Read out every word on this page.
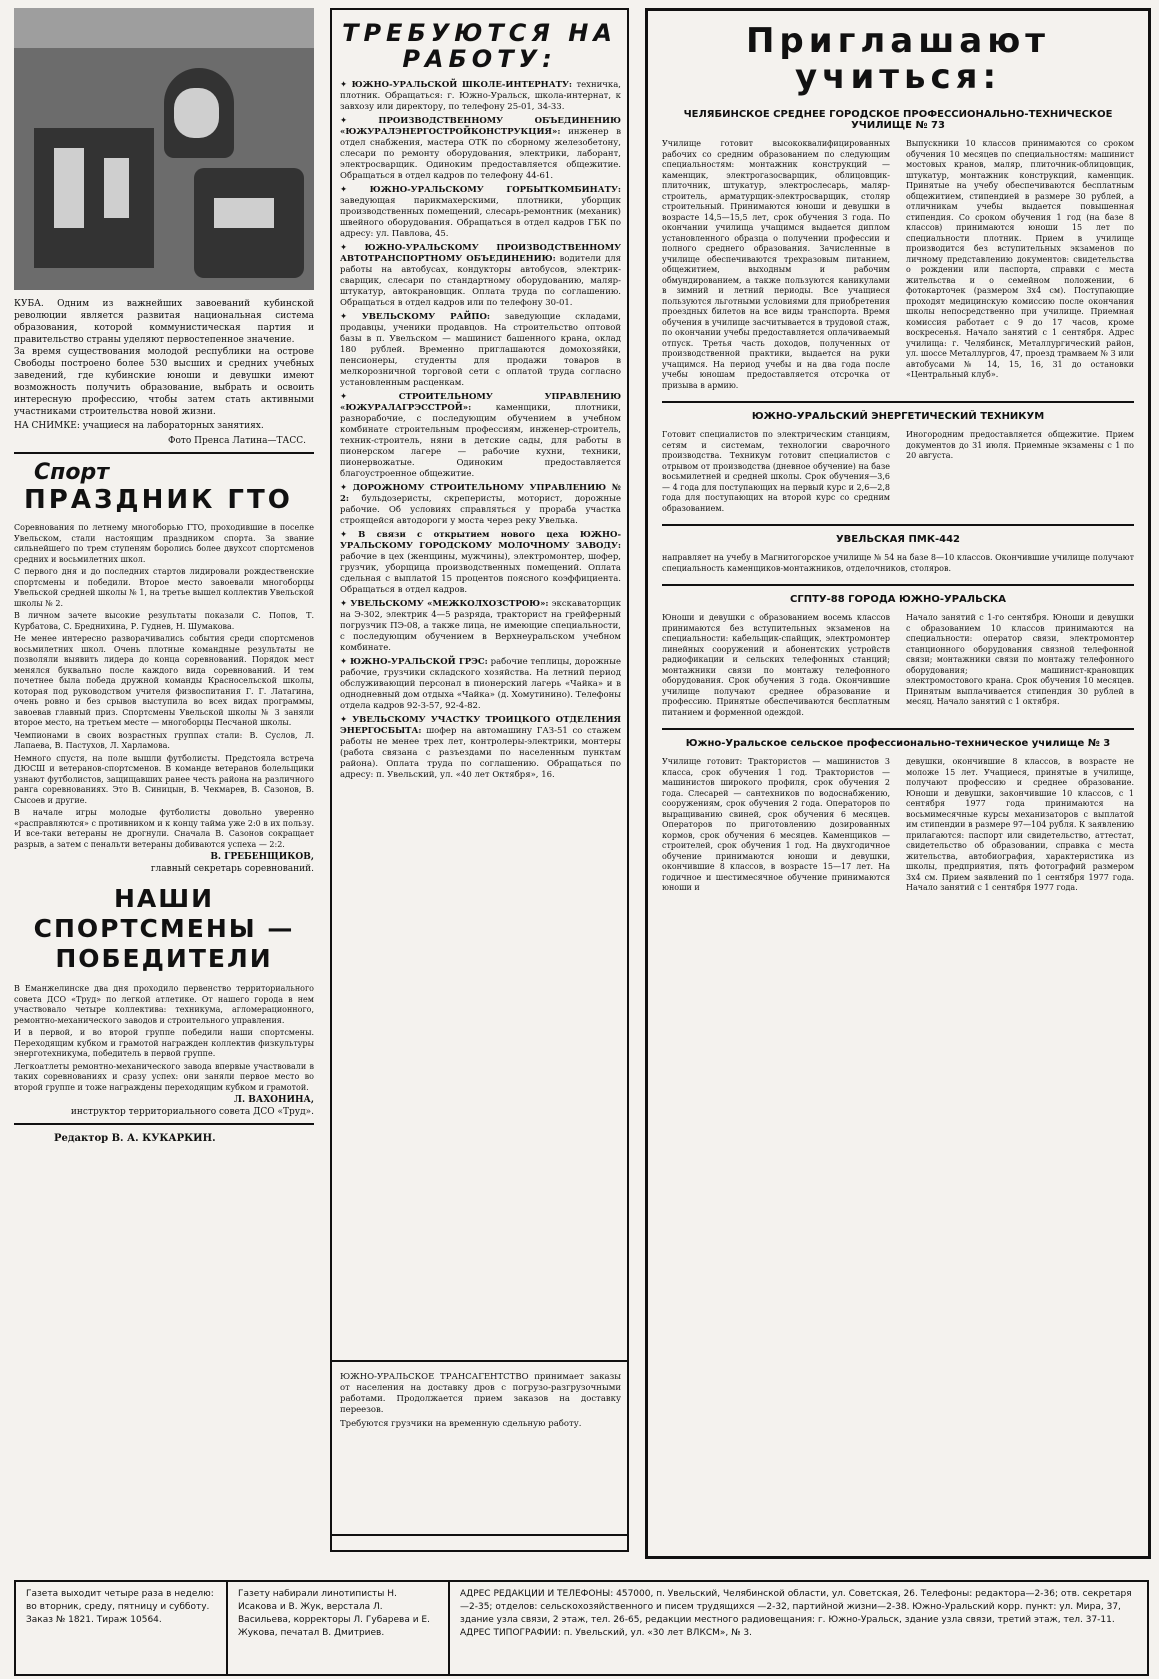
КУБА. Одним из важнейших завоеваний кубинской революции является развитая национальная система образования, которой коммунистическая партия и правительство страны уделяют первостепенное значение.

За время существования молодой республики на острове Свободы построено более 530 высших и средних учебных заведений, где кубинские юноши и девушки имеют возможность получить образование, выбрать и освоить интересную профессию, чтобы затем стать активными участниками строительства новой жизни.

НА СНИМКЕ: учащиеся на лабораторных занятиях.

Фото Пренса Латина—ТАСС.

Спорт
ПРАЗДНИК ГТО

Соревнования по летнему многоборью ГТО, проходившие в поселке Увельском, стали настоящим праздником спорта. За звание сильнейшего по трем ступеням боролись более двухсот спортсменов средних и восьмилетних школ.

С первого дня и до последних стартов лидировали рождественские спортсмены и победили. Второе место завоевали многоборцы Увельской средней школы № 1, на третье вышел коллектив Увельской школы № 2.

В личном зачете высокие результаты показали С. Попов, Т. Курбатова, С. Бреднихина, Р. Гуднев, Н. Шумакова.

Не менее интересно разворачивались события среди спортсменов восьмилетних школ. Очень плотные командные результаты не позволяли выявить лидера до конца соревнований. Порядок мест менялся буквально после каждого вида соревнований. И тем почетнее была победа дружной команды Красносельской школы, которая под руководством учителя физвоспитания Г. Г. Латагина, очень ровно и без срывов выступила во всех видах программы, завоевав главный приз. Спортсмены Увельской школы № 3 заняли второе место, на третьем месте — многоборцы Песчаной школы.

Чемпионами в своих возрастных группах стали: В. Суслов, Л. Лапаева, В. Пастухов, Л. Харламова.

Немного спустя, на поле вышли футболисты. Предстояла встреча ДЮСШ и ветеранов-спортсменов. В команде ветеранов болельщики узнают футболистов, защищавших ранее честь района на различного ранга соревнованиях. Это В. Синицын, В. Чекмарев, В. Сазонов, В. Сысоев и другие.

В начале игры молодые футболисты довольно уверенно «расправляются» с противником и к концу тайма уже 2:0 в их пользу. И все-таки ветераны не дрогнули. Сначала В. Сазонов сокращает разрыв, а затем с пенальти ветераны добиваются успеха — 2:2.

В. ГРЕБЕНЩИКОВ,
главный секретарь соревнований.
НАШИ СПОРТСМЕНЫ — ПОБЕДИТЕЛИ

В Еманжелинске два дня проходило первенство территориального совета ДСО «Труд» по легкой атлетике. От нашего города в нем участвовало четыре коллектива: техникума, агломерационного, ремонтно-механического заводов и строительного управления.

И в первой, и во второй группе победили наши спортсмены. Переходящим кубком и грамотой награжден коллектив физкультуры энерготехникума, победитель в первой группе.

Легкоатлеты ремонтно-механического завода впервые участвовали в таких соревнованиях и сразу успех: они заняли первое место во второй группе и тоже награждены переходящим кубком и грамотой.

Л. ВАХОНИНА,
инструктор территориального совета ДСО «Труд».
Редактор В. А. КУКАРКИН.
ТРЕБУЮТСЯ НА РАБОТУ:

✦ ЮЖНО-УРАЛЬСКОЙ ШКОЛЕ-ИНТЕРНАТУ: техничка, плотник. Обращаться: г. Южно-Уральск, школа-интернат, к завхозу или директору, по телефону 25-01, 34-33.

✦ ПРОИЗВОДСТВЕННОМУ ОБЪЕДИНЕНИЮ «ЮЖУРАЛЭНЕРГОСТРОЙКОНСТРУКЦИЯ»: инженер в отдел снабжения, мастера ОТК по сборному железобетону, слесари по ремонту оборудования, электрики, лаборант, электросварщик. Одиноким предоставляется общежитие. Обращаться в отдел кадров по телефону 44-61.

✦ ЮЖНО-УРАЛЬСКОМУ ГОРБЫТКОМБИНАТУ: заведующая парикмахерскими, плотники, уборщик производственных помещений, слесарь-ремонтник (механик) швейного оборудования. Обращаться в отдел кадров ГБК по адресу: ул. Павлова, 45.

✦ ЮЖНО-УРАЛЬСКОМУ ПРОИЗВОДСТВЕННОМУ АВТОТРАНСПОРТНОМУ ОБЪЕДИНЕНИЮ: водители для работы на автобусах, кондукторы автобусов, электрик-сварщик, слесари по стандартному оборудованию, маляр-штукатур, автокрановщик. Оплата труда по соглашению. Обращаться в отдел кадров или по телефону 30-01.

✦ УВЕЛЬСКОМУ РАЙПО: заведующие складами, продавцы, ученики продавцов. На строительство оптовой базы в п. Увельском — машинист башенного крана, оклад 180 рублей. Временно приглашаются домохозяйки, пенсионеры, студенты для продажи товаров в мелкорозничной торговой сети с оплатой труда согласно установленным расценкам.

✦ СТРОИТЕЛЬНОМУ УПРАВЛЕНИЮ «ЮЖУРАЛАГРЭССТРОЙ»:	каменщики, плотники, разнорабочие, с последующим обучением в учебном комбинате строительным профессиям, инженер-строитель, техник-строитель, няни в детские сады, для работы в пионерском лагере — рабочие кухни, техники, пионервожатые. Одиноким предоставляется благоустроенное общежитие.

✦ ДОРОЖНОМУ СТРОИТЕЛЬНОМУ УПРАВЛЕНИЮ № 2: бульдозеристы, скреперисты, моторист, дорожные рабочие. Об условиях справляться у прораба участка строящейся автодороги у моста через реку Увелька.

✦ В связи с открытием нового цеха ЮЖНО-УРАЛЬСКОМУ ГОРОДСКОМУ МОЛОЧНОМУ ЗАВОДУ: рабочие в цех (женщины, мужчины), электромонтер, шофер, грузчик, уборщица производственных помещений. Оплата сдельная с выплатой 15 процентов поясного коэффициента. Обращаться в отдел кадров.

✦ УВЕЛЬСКОМУ «МЕЖКОЛХОЗСТРОЮ»: экскаваторщик на Э-302, электрик 4—5 разряда, тракторист на грейферный погрузчик ПЭ-08, а также лица, не имеющие специальности, с последующим обучением в Верхнеуральском учебном комбинате.

✦ ЮЖНО-УРАЛЬСКОЙ ГРЭС: рабочие теплицы, дорожные рабочие, грузчики складского хозяйства. На летний период обслуживающий персонал в пионерский лагерь «Чайка» и в однодневный дом отдыха «Чайка» (д. Хомутинино). Телефоны отдела кадров 92-3-57, 92-4-82.

✦ УВЕЛЬСКОМУ УЧАСТКУ ТРОИЦКОГО ОТДЕЛЕНИЯ ЭНЕРГОСБЫТА: шофер на автомашину ГАЗ-51 со стажем работы не менее трех лет, контролеры-электрики, монтеры (работа связана с разъездами по населенным пунктам района). Оплата труда по соглашению. Обращаться по адресу: п. Увельский, ул. «40 лет Октября», 16.

ЮЖНО-УРАЛЬСКОЕ ТРАНСАГЕНТСТВО принимает заказы от населения на доставку дров с погрузо-разгрузочными работами. Продолжается прием заказов на доставку переезов.

Требуются грузчики на временную сдельную работу.

Приглашают учиться:
ЧЕЛЯБИНСКОЕ СРЕДНЕЕ ГОРОДСКОЕ ПРОФЕССИОНАЛЬНО-ТЕХНИЧЕСКОЕ УЧИЛИЩЕ № 73

Училище готовит высококвалифицированных рабочих со средним образованием по следующим специальностям: монтажник конструкций — каменщик, электрогазосварщик, облицовщик-плиточник, штукатур, электрослесарь, маляр-строитель, арматурщик-электросварщик, столяр строительный. Принимаются юноши и девушки в возрасте 14,5—15,5 лет, срок обучения 3 года. По окончании училища учащимся выдается диплом установленного образца о получении профессии и полного среднего образования. Зачисленные в училище обеспечиваются трехразовым питанием, общежитием, выходным и рабочим обмундированием, а также пользуются каникулами в зимний и летний периоды. Все учащиеся пользуются льготными условиями для приобретения проездных билетов на все виды транспорта. Время обучения в училище засчитывается в трудовой стаж, по окончании учебы предоставляется оплачиваемый отпуск. Третья часть доходов, полученных от производственной практики, выдается на руки учащимся. На период учебы и на два года после учебы юношам предоставляется отсрочка от призыва в армию.

Выпускники 10 классов принимаются со сроком обучения 10 месяцев по специальностям: машинист мостовых кранов, маляр, плиточник-облицовщик, штукатур, монтажник конструкций, каменщик. Принятые на учебу обеспечиваются бесплатным общежитием, стипендией в размере 30 рублей, а отличникам учебы выдается повышенная стипендия. Со сроком обучения 1 год (на базе 8 классов) принимаются юноши 15 лет по специальности плотник. Прием в училище производится без вступительных экзаменов по личному представлению документов: свидетельства о рождении или паспорта, справки с места жительства и о семейном положении, 6 фотокарточек (размером 3х4 см). Поступающие проходят медицинскую комиссию после окончания школы непосредственно при училище. Приемная комиссия работает с 9 до 17 часов, кроме воскресенья. Начало занятий с 1 сентября. Адрес училища: г. Челябинск, Металлургический район, ул. шоссе Металлургов, 47, проезд трамваем № 3 или автобусами № 14, 15, 16, 31 до остановки «Центральный клуб».

ЮЖНО-УРАЛЬСКИЙ ЭНЕРГЕТИЧЕСКИЙ ТЕХНИКУМ

Готовит специалистов по электрическим станциям, сетям и системам, технологии сварочного производства. Техникум готовит специалистов с отрывом от производства (дневное обучение) на базе восьмилетней и средней школы. Срок обучения—3,6 — 4 года для поступающих на первый курс и 2,6—2,8 года для поступающих на второй курс со средним образованием.

Иногородним предоставляется общежитие. Прием документов до 31 июля. Приемные экзамены с 1 по 20 августа.

УВЕЛЬСКАЯ ПМК-442

направляет на учебу в Магнитогорское училище № 54 на базе 8—10 классов. Окончившие училище получают специальность каменщиков-монтажников, отделочников, столяров.

СГПТУ-88 ГОРОДА ЮЖНО-УРАЛЬСКА

Юноши и девушки с образованием восемь классов принимаются без вступительных экзаменов на специальности: кабельщик-спайщик, электромонтер линейных сооружений и абонентских устройств радиофикации и сельских телефонных станций; монтажники связи по монтажу телефонного оборудования. Срок обучения 3 года. Окончившие училище получают среднее образование и профессию. Принятые обеспечиваются бесплатным питанием и форменной одеждой.

Начало занятий с 1-го сентября. Юноши и девушки с образованием 10 классов принимаются на специальности: оператор связи, электромонтер станционного оборудования связной телефонной связи; монтажники связи по монтажу телефонного оборудования; машинист-крановщик электромостового крана. Срок обучения 10 месяцев. Принятым выплачивается стипендия 30 рублей в месяц. Начало занятий с 1 октября.

Южно-Уральское сельское профессионально-техническое училище № 3

Училище готовит: Трактористов — машинистов 3 класса, срок обучения 1 год. Трактористов — машинистов широкого профиля, срок обучения 2 года. Слесарей — сантехников по водоснабжению, сооружениям, срок обучения 2 года. Операторов по выращиванию свиней, срок обучения 6 месяцев. Операторов по приготовлению дозированных кормов, срок обучения 6 месяцев. Каменщиков — строителей, срок обучения 1 год. На двухгодичное обучение принимаются юноши и девушки, окончившие 8 классов, в возрасте 15—17 лет. На годичное и шестимесячное обучение принимаются юноши и

девушки, окончившие 8 классов, в возрасте не моложе 15 лет. Учащиеся, принятые в училище, получают профессию и среднее образование. Юноши и девушки, закончившие 10 классов, с 1 сентября 1977 года принимаются на восьмимесячные курсы механизаторов с выплатой им стипендии в размере 97—104 рубля. К заявлению прилагаются: паспорт или свидетельство, аттестат, свидетельство об образовании, справка с места жительства, автобиография, характеристика из школы, предприятия, пять фотографий размером 3х4 см. Прием заявлений по 1 сентября 1977 года. Начало занятий с 1 сентября 1977 года.

Газета выходит четыре раза в неделю: во вторник, среду, пятницу и субботу. Заказ № 1821. Тираж 10564.
Газету набирали линотиписты Н. Исакова и В. Жук, верстала Л. Васильева, корректоры Л. Губарева и Е. Жукова, печатал В. Дмитриев.
АДРЕС РЕДАКЦИИ И ТЕЛЕФОНЫ: 457000, п. Увельский, Челябинской области, ул. Советская, 26. Телефоны: редактора—2-36; отв. секретаря—2-35; отделов: сельскохозяйственного и писем трудящихся —2-32, партийной жизни—2-38. Южно-Уральский корр. пункт: ул. Мира, 37, здание узла связи, 2 этаж, тел. 26-65, редакции местного радиовещания: г. Южно-Уральск, здание узла связи, третий этаж, тел. 37-11. АДРЕС ТИПОГРАФИИ: п. Увельский, ул. «30 лет ВЛКСМ», № 3.
